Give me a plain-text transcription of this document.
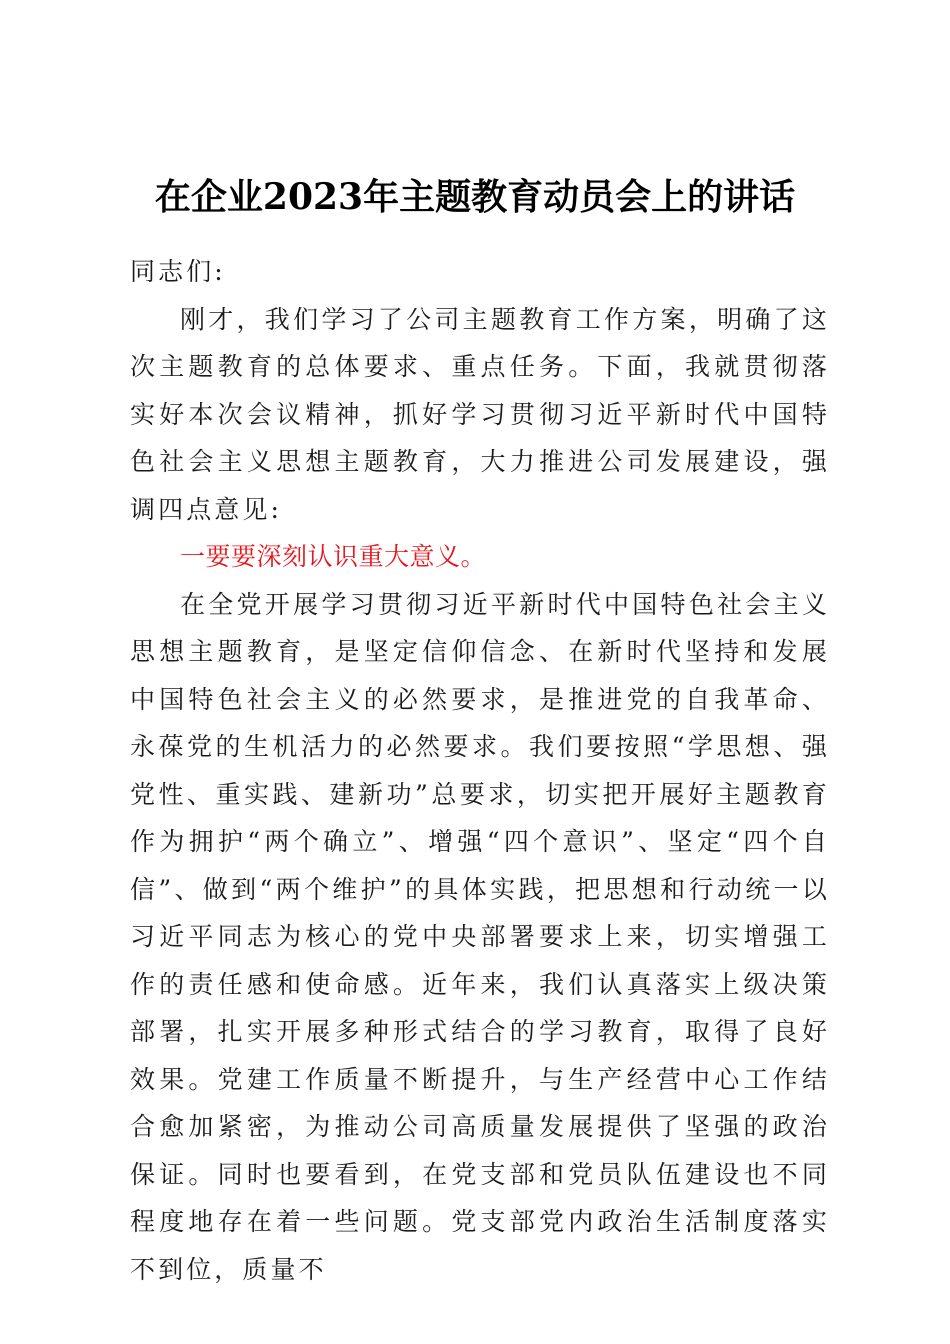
在企业2023年主题教育动员会上的讲话

同志们:

刚才，我们学习了公司主题教育工作方案，明确了这次主题教育的总体要求、重点任务。下面，我就贯彻落实好本次会议精神，抓好学习贯彻习近平新时代中国特色社会主义思想主题教育，大力推进公司发展建设，强调四点意见:

一要要深刻认识重大意义。

在全党开展学习贯彻习近平新时代中国特色社会主义思想主题教育，是坚定信仰信念、在新时代坚持和发展中国特色社会主义的必然要求，是推进党的自我革命、永葆党的生机活力的必然要求。我们要按照“学思想、强党性、重实践、建新功”总要求，切实把开展好主题教育作为拥护“两个确立”、增强“四个意识”、坚定“四个自信”、做到“两个维护”的具体实践，把思想和行动统一以习近平同志为核心的党中央部署要求上来，切实增强工作的责任感和使命感。近年来，我们认真落实上级决策部署，扎实开展多种形式结合的学习教育，取得了良好效果。党建工作质量不断提升，与生产经营中心工作结合愈加紧密，为推动公司高质量发展提供了坚强的政治保证。同时也要看到，在党支部和党员队伍建设也不同程度地存在着一些问题。党支部党内政治生活制度落实不到位，质量不
